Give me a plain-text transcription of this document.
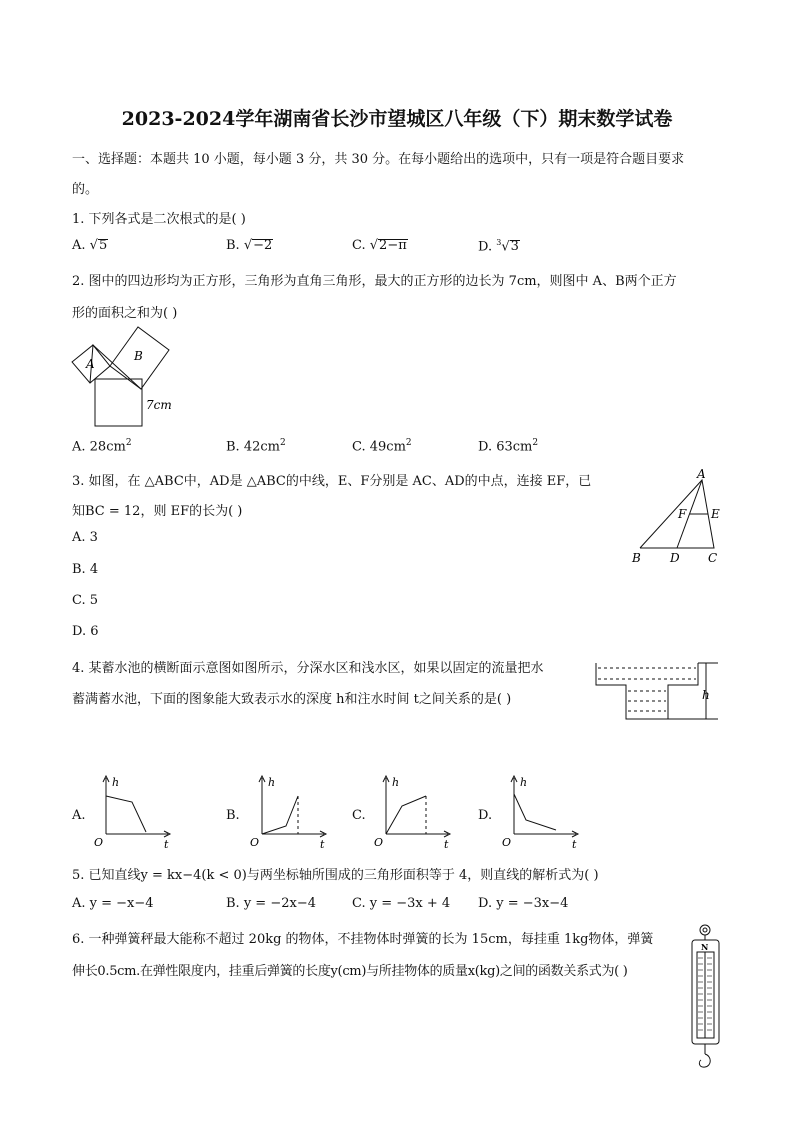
2023-2024学年湖南省长沙市望城区八年级（下）期末数学试卷
一、选择题：本题共 10 小题，每小题 3 分，共 30 分。在每小题给出的选项中，只有一项是符合题目要求
的。
1. 下列各式是二次根式的是( )
A. √5	B. √−2	C. √2−π	D. $^3$√3
2. 图中的四边形均为正方形，三角形为直角三角形，最大的正方形的边长为 7cm，则图中 A、B两个正方
形的面积之和为( )
A
B
7cm
A. $28cm^2$	B. $42cm^2$	C. $49cm^2$	D. $63cm^2$
3. 如图，在 △ABC中，AD是 △ABC的中线，E、F分别是 AC、AD的中点，连接 EF，已
知BC = 12，则 EF的长为( )
A
B D C
F E
A. 3
B. 4
C. 5
D. 6
4. 某蓄水池的横断面示意图如图所示，分深水区和浅水区，如果以固定的流量把水
蓄满蓄水池，下面的图象能大致表示水的深度 h和注水时间 t之间关系的是( )	h
A.
h
O	t
B.
h
O	t
C.
h
O	t
D.
h
O	t
5. 已知直线y = kx−4(k < 0)与两坐标轴所围成的三角形面积等于 4，则直线的解析式为( )
A. y = −x−4	B. y = −2x−4	C. y = −3x + 4 D. y = −3x−4
6. 一种弹簧秤最大能称不超过 20kg 的物体，不挂物体时弹簧的长为 15cm，每挂重 1kg物体，弹簧
伸长0.5cm.在弹性限度内，挂重后弹簧的长度y(cm)与所挂物体的质量x(kg)之间的函数关系式为( )
N
